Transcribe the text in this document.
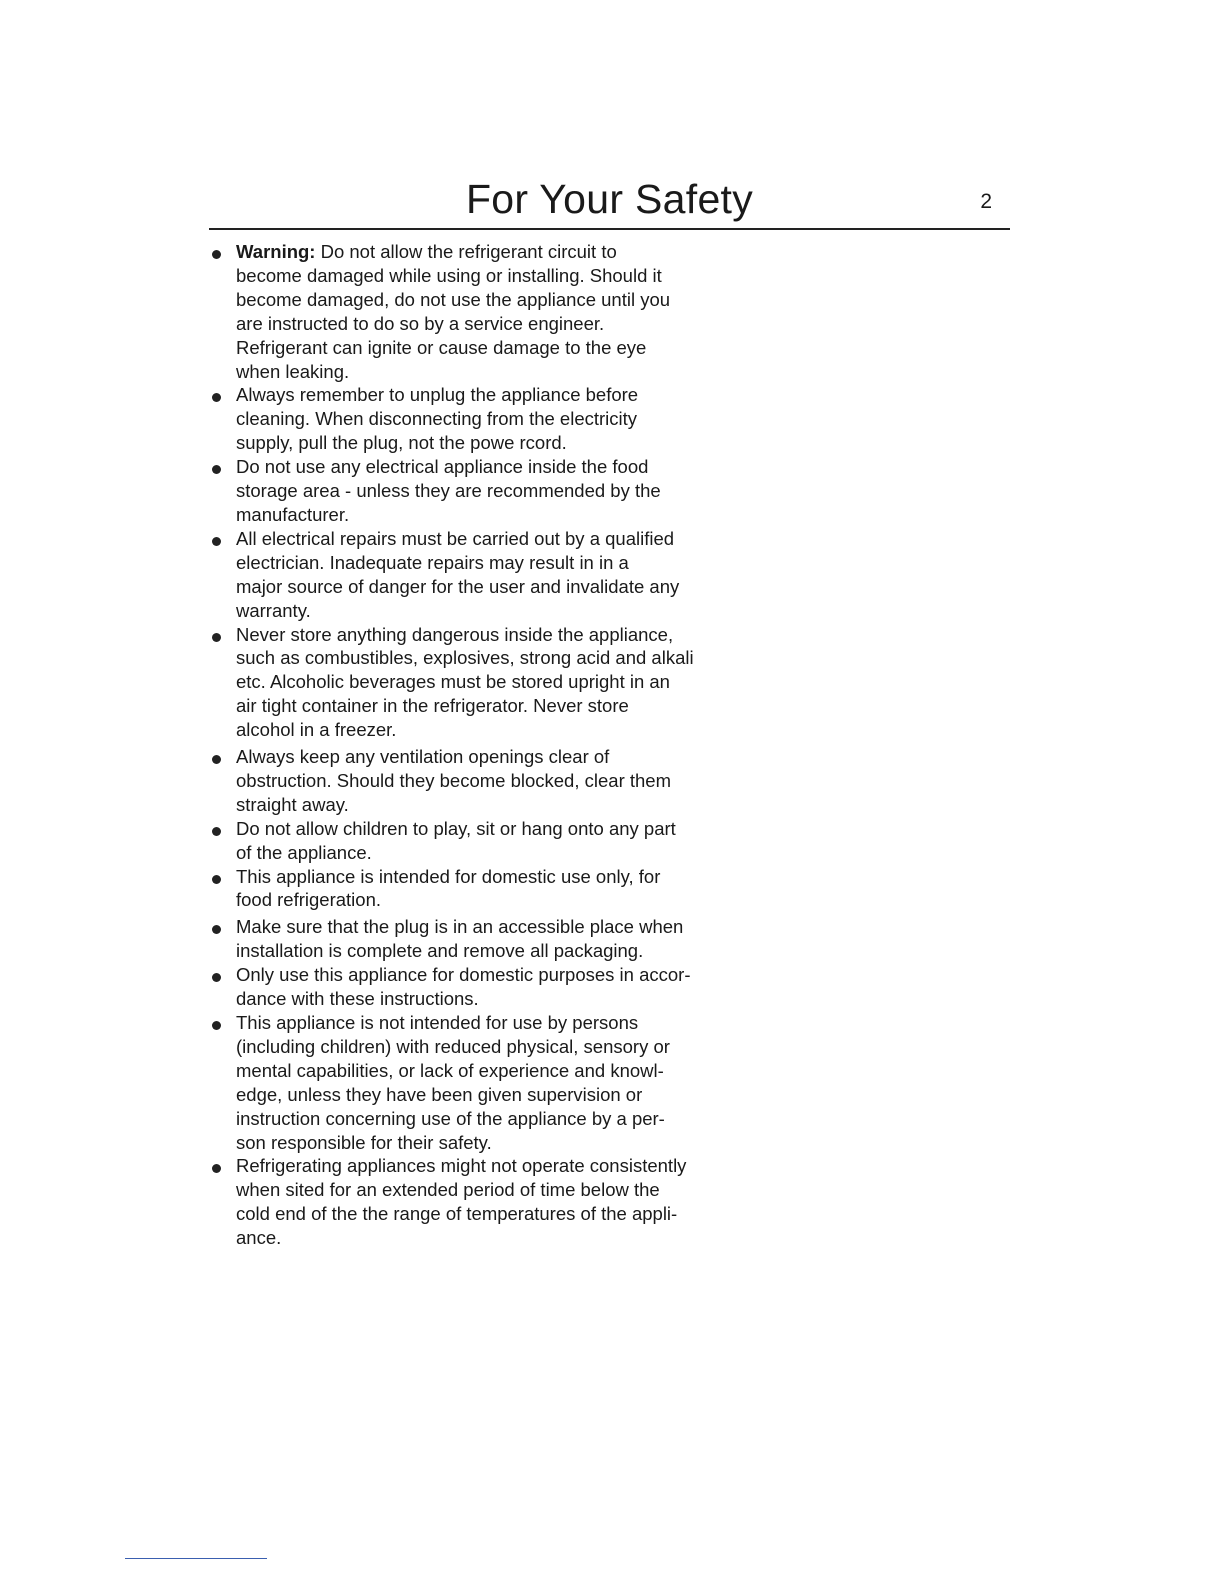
For Your Safety	2
Warning: Do not allow the refrigerant circuit to
become damaged while using or installing. Should it
become damaged, do not use the appliance until you
are instructed to do so by a service engineer.
Refrigerant can ignite or cause damage to the eye
when leaking.
Always remember to unplug the appliance before
cleaning. When disconnecting from the electricity
supply, pull the plug, not the powe rcord.
Do not use any electrical appliance inside the food
storage area - unless they are recommended by the
manufacturer.
All electrical repairs must be carried out by a qualified
electrician. Inadequate repairs may result in in a
major source of danger for the user and invalidate any
warranty.
Never store anything dangerous inside the appliance,
such as combustibles, explosives, strong acid and alkali
etc. Alcoholic beverages must be stored upright in an
air tight container in the refrigerator. Never store
alcohol in a freezer.
Always keep any ventilation openings clear of
obstruction. Should they become blocked, clear them
straight away.
Do not allow children to play, sit or hang onto any part
of the appliance.
This appliance is intended for domestic use only, for
food refrigeration.
Make sure that the plug is in an accessible place when
installation is complete and remove all packaging.
Only use this appliance for domestic purposes in accor-
dance with these instructions.
This appliance is not intended for use by persons
(including children) with reduced physical, sensory or
mental capabilities, or lack of experience and knowl-
edge, unless they have been given supervision or
instruction concerning use of the appliance by a per-
son responsible for their safety.
Refrigerating appliances might not operate consistently
when sited for an extended period of time below the
cold end of the the range of temperatures of the appli-
ance.
